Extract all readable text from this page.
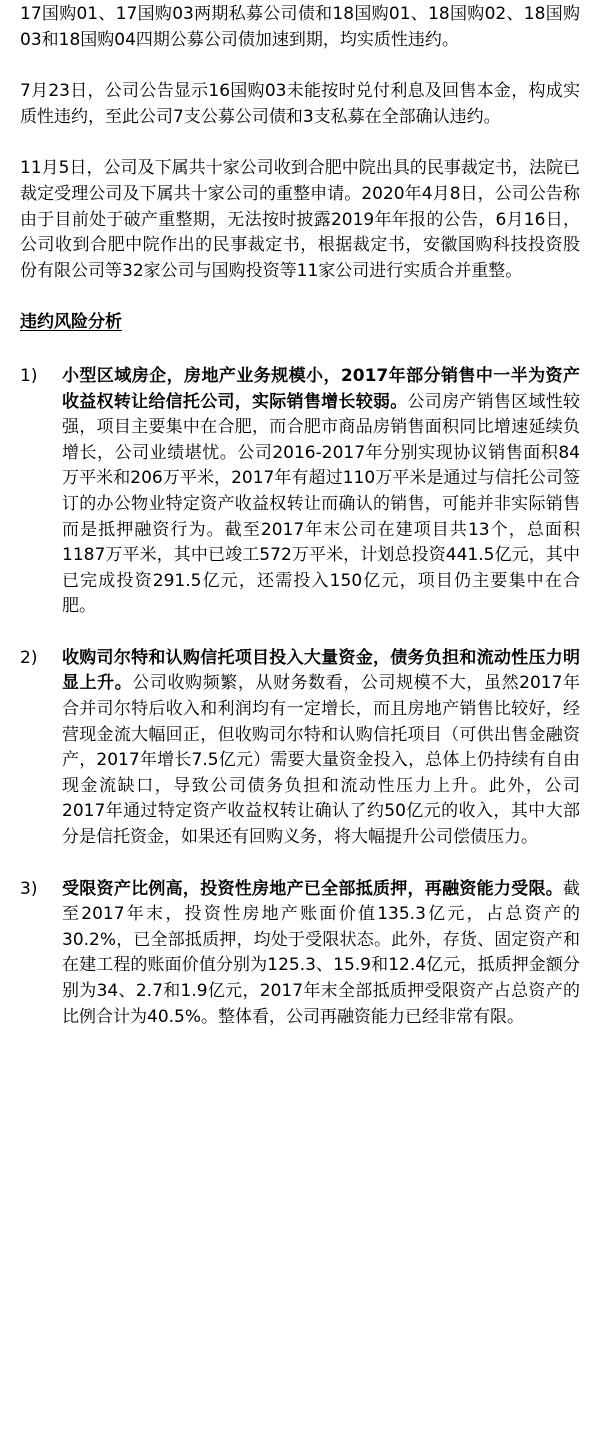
17国购01、17国购03两期私募公司债和18国购01、18国购02、18国购03和18国购04四期公募公司债加速到期，均实质性违约。

7月23日，公司公告显示16国购03未能按时兑付利息及回售本金，构成实质性违约，至此公司7支公募公司债和3支私募在全部确认违约。

11月5日，公司及下属共十家公司收到合肥中院出具的民事裁定书，法院已裁定受理公司及下属共十家公司的重整申请。2020年4月8日，公司公告称由于目前处于破产重整期，无法按时披露2019年年报的公告，6月16日，公司收到合肥中院作出的民事裁定书，根据裁定书，安徽国购科技投资股份有限公司等32家公司与国购投资等11家公司进行实质合并重整。

违约风险分析
1) 小型区域房企，房地产业务规模小，2017年部分销售中一半为资产收益权转让给信托公司，实际销售增长较弱。公司房产销售区域性较强，项目主要集中在合肥，而合肥市商品房销售面积同比增速延续负增长，公司业绩堪忧。公司2016-2017年分别实现协议销售面积84万平米和206万平米，2017年有超过110万平米是通过与信托公司签订的办公物业特定资产收益权转让而确认的销售，可能并非实际销售而是抵押融资行为。截至2017年末公司在建项目共13个，总面积1187万平米，其中已竣工572万平米，计划总投资441.5亿元，其中已完成投资291.5亿元，还需投入150亿元，项目仍主要集中在合肥。
2) 收购司尔特和认购信托项目投入大量资金，债务负担和流动性压力明显上升。公司收购频繁，从财务数看，公司规模不大，虽然2017年合并司尔特后收入和利润均有一定增长，而且房地产销售比较好，经营现金流大幅回正，但收购司尔特和认购信托项目（可供出售金融资产，2017年增长7.5亿元）需要大量资金投入，总体上仍持续有自由现金流缺口，导致公司债务负担和流动性压力上升。此外，公司2017年通过特定资产收益权转让确认了约50亿元的收入，其中大部分是信托资金，如果还有回购义务，将大幅提升公司偿债压力。
3) 受限资产比例高，投资性房地产已全部抵质押，再融资能力受限。截至2017年末，投资性房地产账面价值135.3亿元，占总资产的30.2%，已全部抵质押，均处于受限状态。此外，存货、固定资产和在建工程的账面价值分别为125.3、15.9和12.4亿元，抵质押金额分别为34、2.7和1.9亿元，2017年末全部抵质押受限资产占总资产的比例合计为40.5%。整体看，公司再融资能力已经非常有限。
